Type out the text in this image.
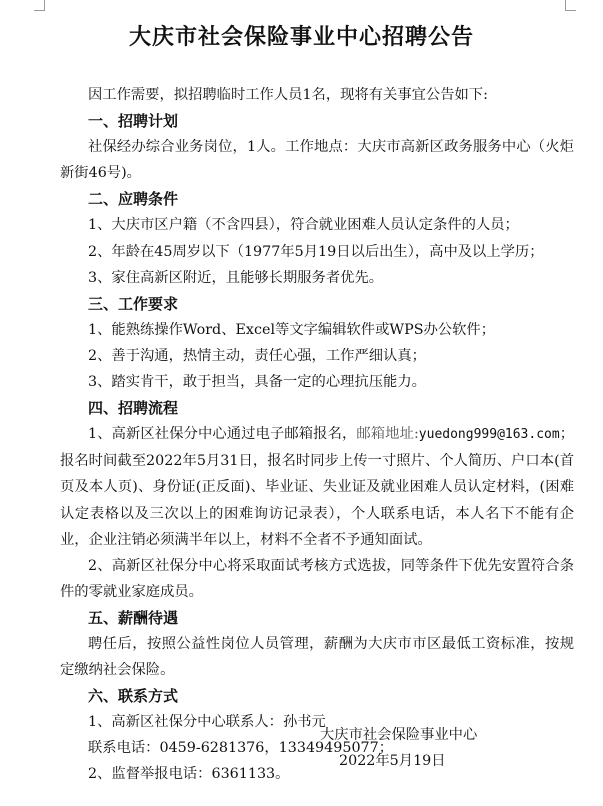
大庆市社会保险事业中心招聘公告

因工作需要，拟招聘临时工作人员1名，现将有关事宜公告如下:

一、招聘计划

社保经办综合业务岗位，1人。工作地点：大庆市高新区政务服务中心（火炬新街46号)。

二、应聘条件

1、大庆市区户籍（不含四县），符合就业困难人员认定条件的人员；

2、年龄在45周岁以下（1977年5月19日以后出生），高中及以上学历；

3、家住高新区附近，且能够长期服务者优先。

三、工作要求

1、能熟练操作Word、Excel等文字编辑软件或WPS办公软件；

2、善于沟通，热情主动，责任心强，工作严细认真；

3、踏实肯干，敢于担当，具备一定的心理抗压能力。

四、招聘流程

1、高新区社保分中心通过电子邮箱报名，邮箱地址:yuedong999@163.com；报名时间截至2022年5月31日，报名时同步上传一寸照片、个人简历、户口本(首页及本人页)、身份证(正反面)、毕业证、失业证及就业困难人员认定材料，(困难认定表格以及三次以上的困难询访记录表），个人联系电话，本人名下不能有企业，企业注销必须满半年以上，材料不全者不予通知面试。

2、高新区社保分中心将采取面试考核方式选拔，同等条件下优先安置符合条件的零就业家庭成员。

五、薪酬待遇

聘任后，按照公益性岗位人员管理，薪酬为大庆市市区最低工资标准，按规定缴纳社会保险。

六、联系方式

1、高新区社保分中心联系人：孙书元

联系电话：0459-6281376，13349495077；

2、监督举报电话：6361133。

大庆市社会保险事业中心
2022年5月19日
